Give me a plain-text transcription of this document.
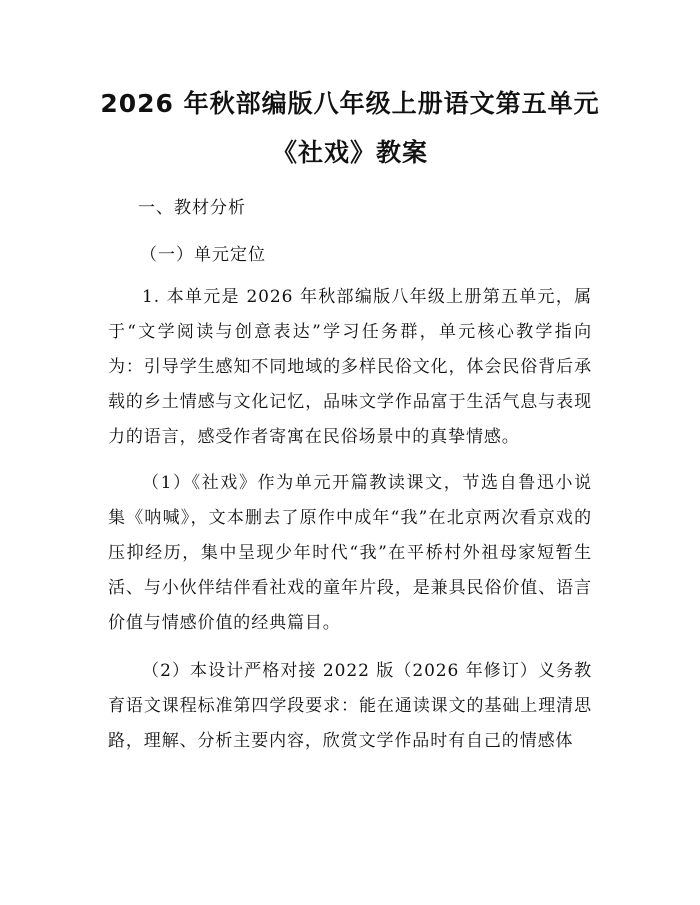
2026 年秋部编版八年级上册语文第五单元
《社戏》教案
一、教材分析
（一）单元定位

1. 本单元是 2026 年秋部编版八年级上册第五单元，属于“文学阅读与创意表达”学习任务群，单元核心教学指向为：引导学生感知不同地域的多样民俗文化，体会民俗背后承载的乡土情感与文化记忆，品味文学作品富于生活气息与表现力的语言，感受作者寄寓在民俗场景中的真挚情感。

（1）《社戏》作为单元开篇教读课文，节选自鲁迅小说集《呐喊》，文本删去了原作中成年“我”在北京两次看京戏的压抑经历，集中呈现少年时代“我”在平桥村外祖母家短暂生活、与小伙伴结伴看社戏的童年片段，是兼具民俗价值、语言价值与情感价值的经典篇目。

（2）本设计严格对接 2022 版（2026 年修订）义务教育语文课程标准第四学段要求：能在通读课文的基础上理清思路，理解、分析主要内容，欣赏文学作品时有自己的情感体
